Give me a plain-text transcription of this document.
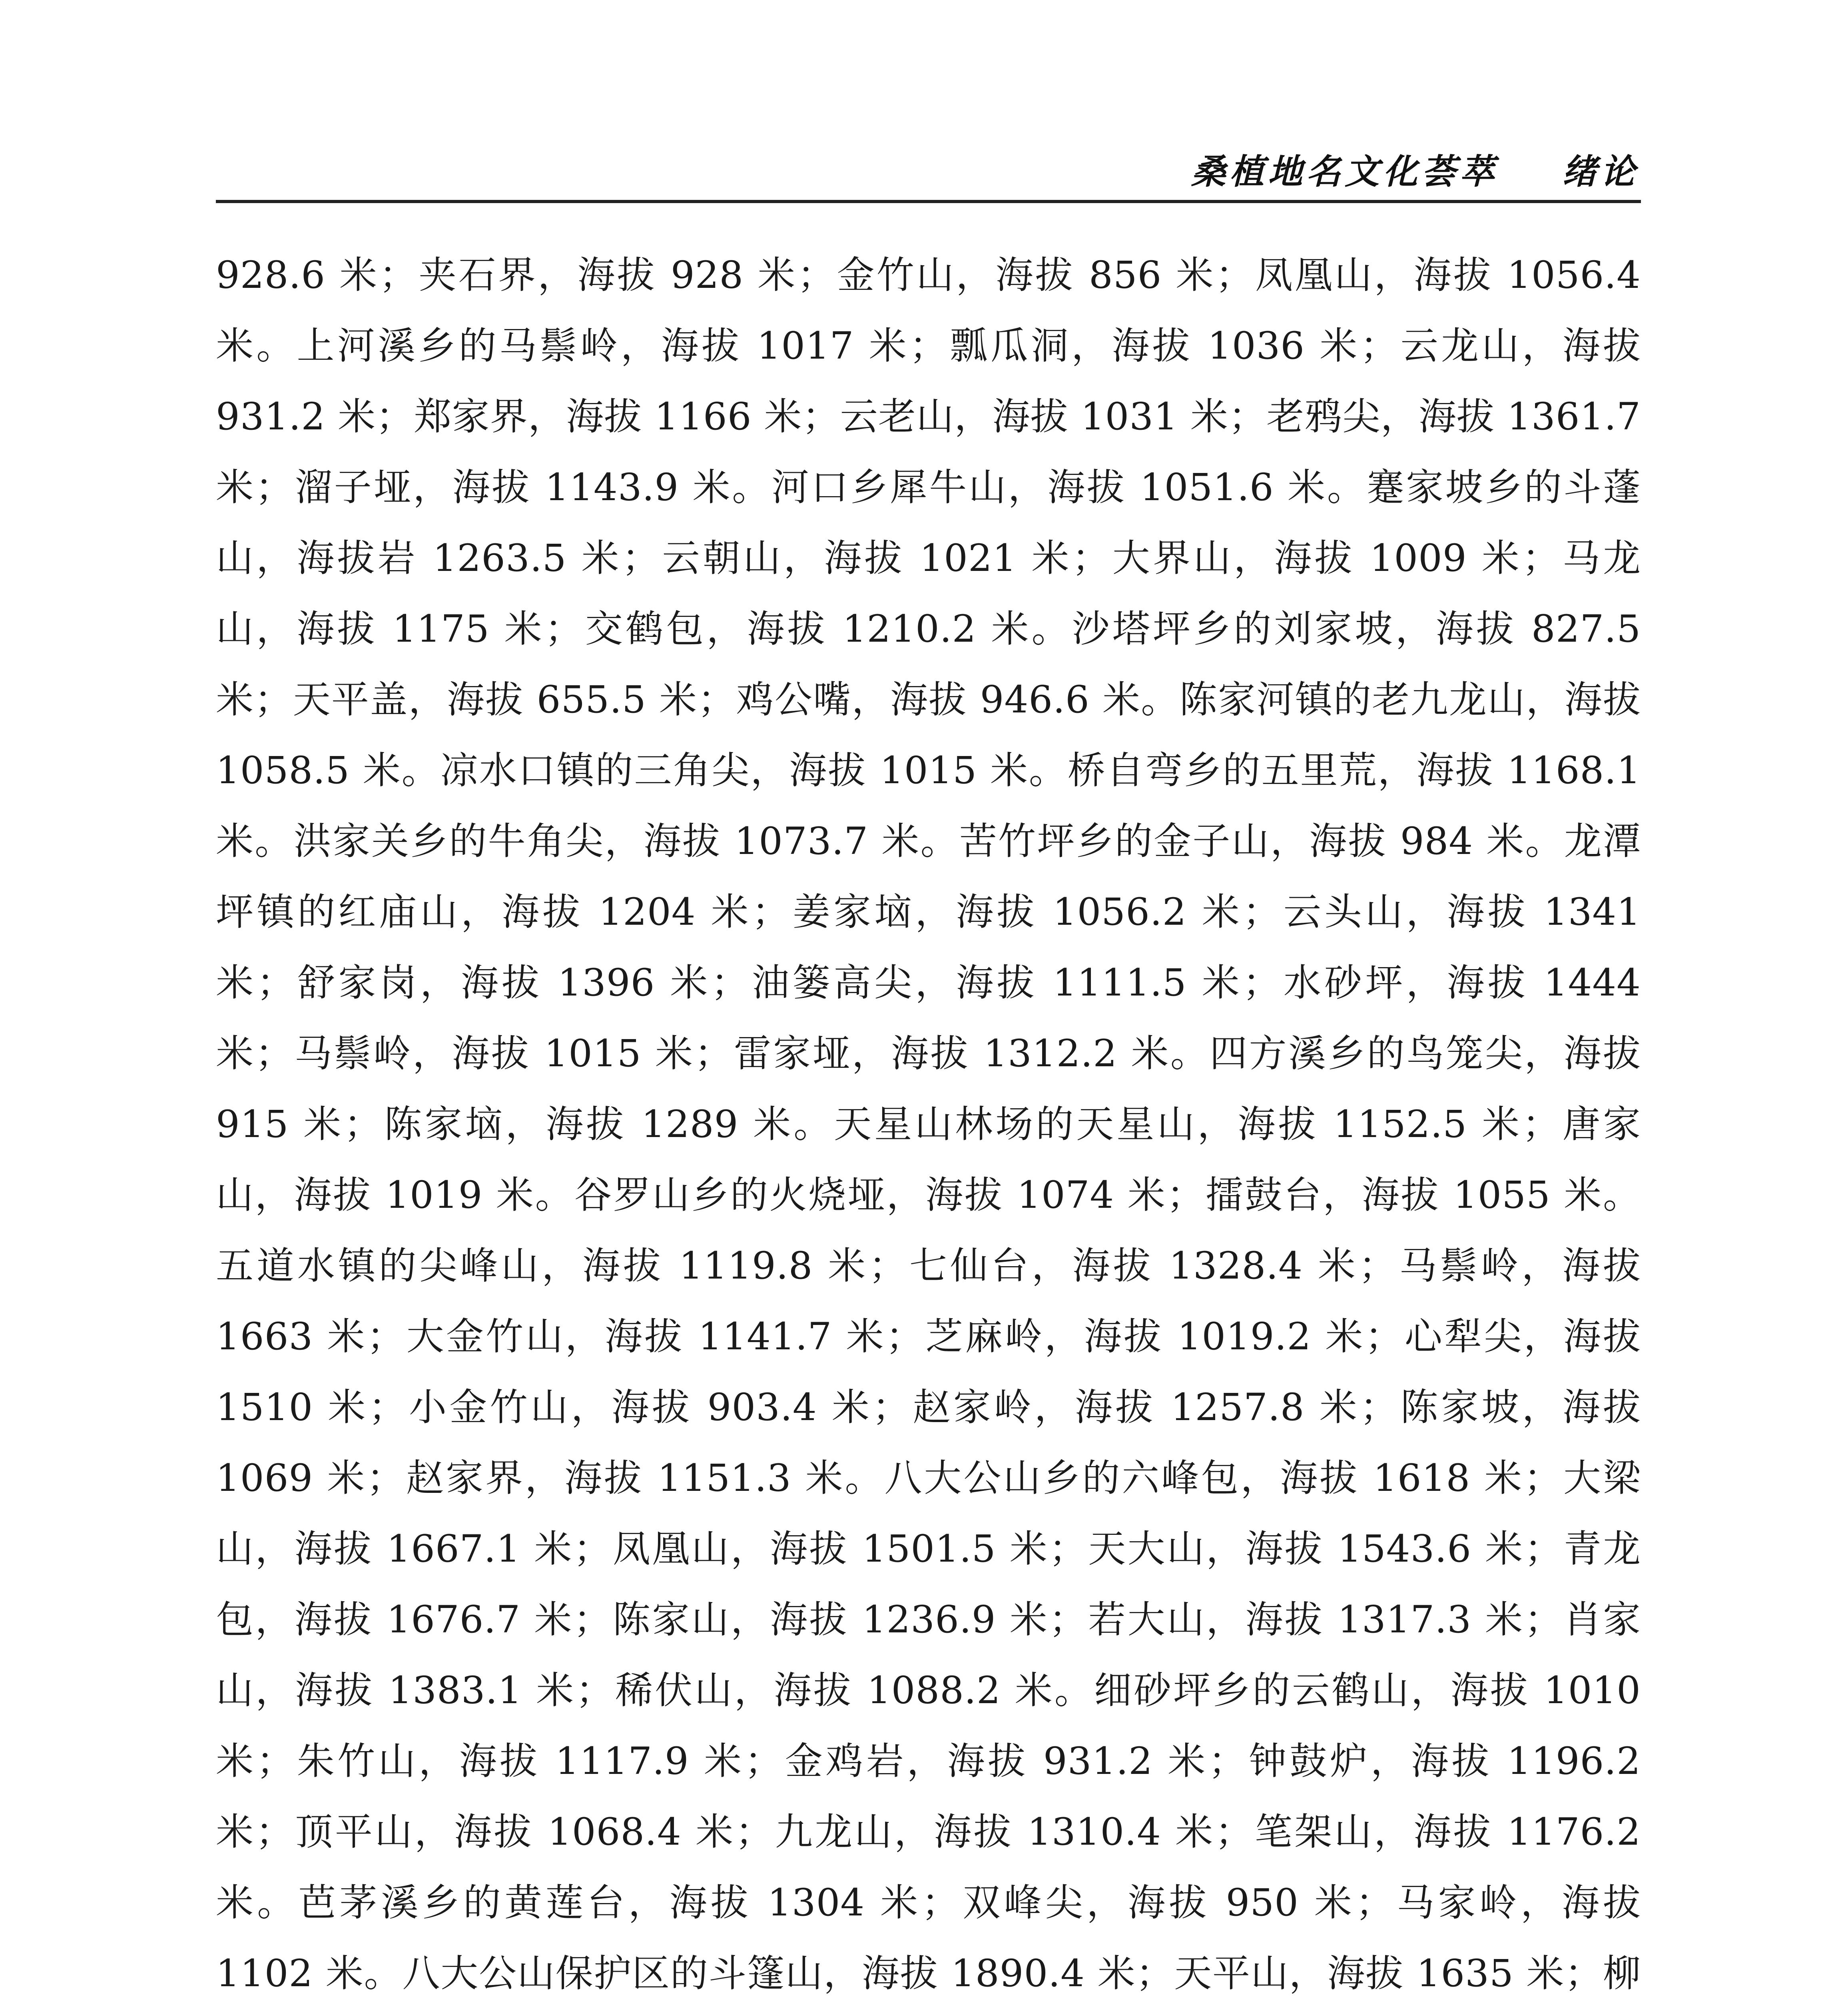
桑植地名文化荟萃 绪论

928.6 米；夹石界，海拔 928 米；金竹山，海拔 856 米；凤凰山，海拔 1056.4 米。上河溪乡的马鬃岭，海拔 1017 米；瓢瓜洞，海拔 1036 米；云龙山，海拔 931.2 米；郑家界，海拔 1166 米；云老山，海拔 1031 米；老鸦尖，海拔 1361.7 米；溜子垭，海拔 1143.9 米。河口乡犀牛山，海拔 1051.6 米。蹇家坡乡的斗蓬山，海拔岩 1263.5 米；云朝山，海拔 1021 米；大界山，海拔 1009 米；马龙山，海拔 1175 米；交鹤包，海拔 1210.2 米。沙塔坪乡的刘家坡，海拔 827.5 米；天平盖，海拔 655.5 米；鸡公嘴，海拔 946.6 米。陈家河镇的老九龙山，海拔 1058.5 米。凉水口镇的三角尖，海拔 1015 米。桥自弯乡的五里荒，海拔 1168.1 米。洪家关乡的牛角尖，海拔 1073.7 米。苦竹坪乡的金子山，海拔 984 米。龙潭坪镇的红庙山，海拔 1204 米；姜家垴，海拔 1056.2 米；云头山，海拔 1341 米；舒家岗，海拔 1396 米；油篓高尖，海拔 1111.5 米；水砂坪，海拔 1444 米；马鬃岭，海拔 1015 米；雷家垭，海拔 1312.2 米。四方溪乡的鸟笼尖，海拔 915 米；陈家垴，海拔 1289 米。天星山林场的天星山，海拔 1152.5 米；唐家山，海拔 1019 米。谷罗山乡的火烧垭，海拔 1074 米；擂鼓台，海拔 1055 米。五道水镇的尖峰山，海拔 1119.8 米；七仙台，海拔 1328.4 米；马鬃岭，海拔 1663 米；大金竹山，海拔 1141.7 米；芝麻岭，海拔 1019.2 米；心犁尖，海拔 1510 米；小金竹山，海拔 903.4 米；赵家岭，海拔 1257.8 米；陈家坡，海拔 1069 米；赵家界，海拔 1151.3 米。八大公山乡的六峰包，海拔 1618 米；大梁山，海拔 1667.1 米；凤凰山，海拔 1501.5 米；天大山，海拔 1543.6 米；青龙包，海拔 1676.7 米；陈家山，海拔 1236.9 米；若大山，海拔 1317.3 米；肖家山，海拔 1383.1 米；稀伏山，海拔 1088.2 米。细砂坪乡的云鹤山，海拔 1010 米；朱竹山，海拔 1117.9 米；金鸡岩，海拔 931.2 米；钟鼓炉，海拔 1196.2 米；顶平山，海拔 1068.4 米；九龙山，海拔 1310.4 米；笔架山，海拔 1176.2 米。芭茅溪乡的黄莲台，海拔 1304 米；双峰尖，海拔 950 米；马家岭，海拔 1102 米。八大公山保护区的斗篷山，海拔 1890.4 米；天平山，海拔 1635 米；柳
